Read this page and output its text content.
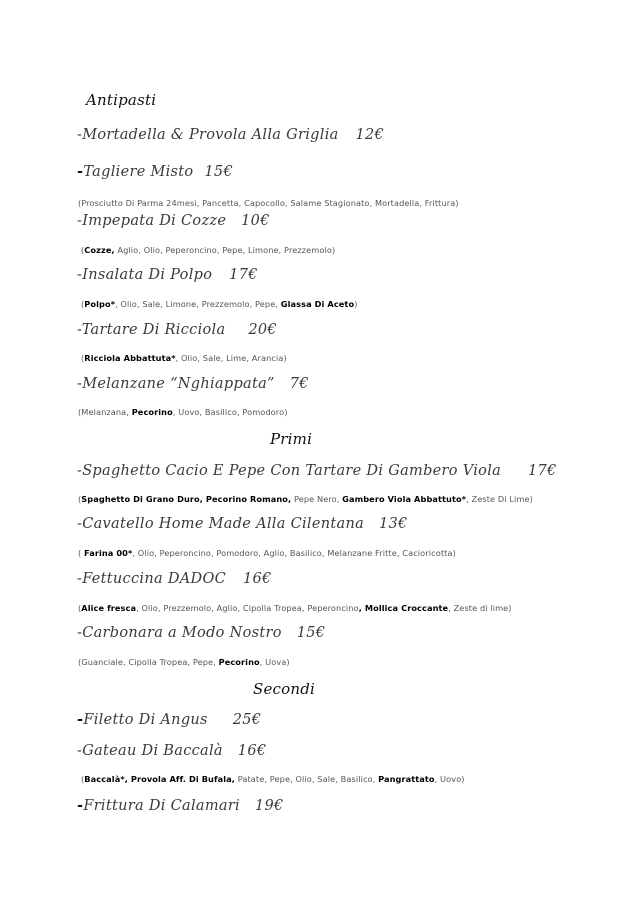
Antipasti
-Mortadella & Provola Alla Griglia 12€
-Tagliere Misto 15€
(Prosciutto Di Parma 24mesi, Pancetta, Capocollo, Salame Stagionato, Mortadella, Frittura)
-Impepata Di Cozze 10€
(Cozze, Aglio, Olio, Peperoncino, Pepe, Limone, Prezzemolo)
-Insalata Di Polpo 17€
(Polpo*, Olio, Sale, Limone, Prezzemolo, Pepe, Glassa Di Aceto)
-Tartare Di Ricciola 20€
(Ricciola Abbattuta*, Olio, Sale, Lime, Arancia)
-Melanzane “Nghiappata” 7€
(Melanzana, Pecorino, Uovo, Basilico, Pomodoro)
Primi
-Spaghetto Cacio E Pepe Con Tartare Di Gambero Viola 17€
(Spaghetto Di Grano Duro, Pecorino Romano, Pepe Nero, Gambero Viola Abbattuto*, Zeste Di Lime)
-Cavatello Home Made Alla Cilentana 13€
( Farina 00*, Olio, Peperoncino, Pomodoro, Aglio, Basilico, Melanzane Fritte, Cacioricotta)
-Fettuccina DADOC 16€
(Alice fresca, Olio, Prezzemolo, Aglio, Cipolla Tropea, Peperoncino, Mollica Croccante, Zeste di lime)
-Carbonara a Modo Nostro 15€
(Guanciale, Cipolla Tropea, Pepe, Pecorino, Uova)
Secondi
-Filetto Di Angus 25€
-Gateau Di Baccalà 16€
(Baccalà*, Provola Aff. Di Bufala, Patate, Pepe, Olio, Sale, Basilico, Pangrattato, Uovo)
-Frittura Di Calamari 19€
